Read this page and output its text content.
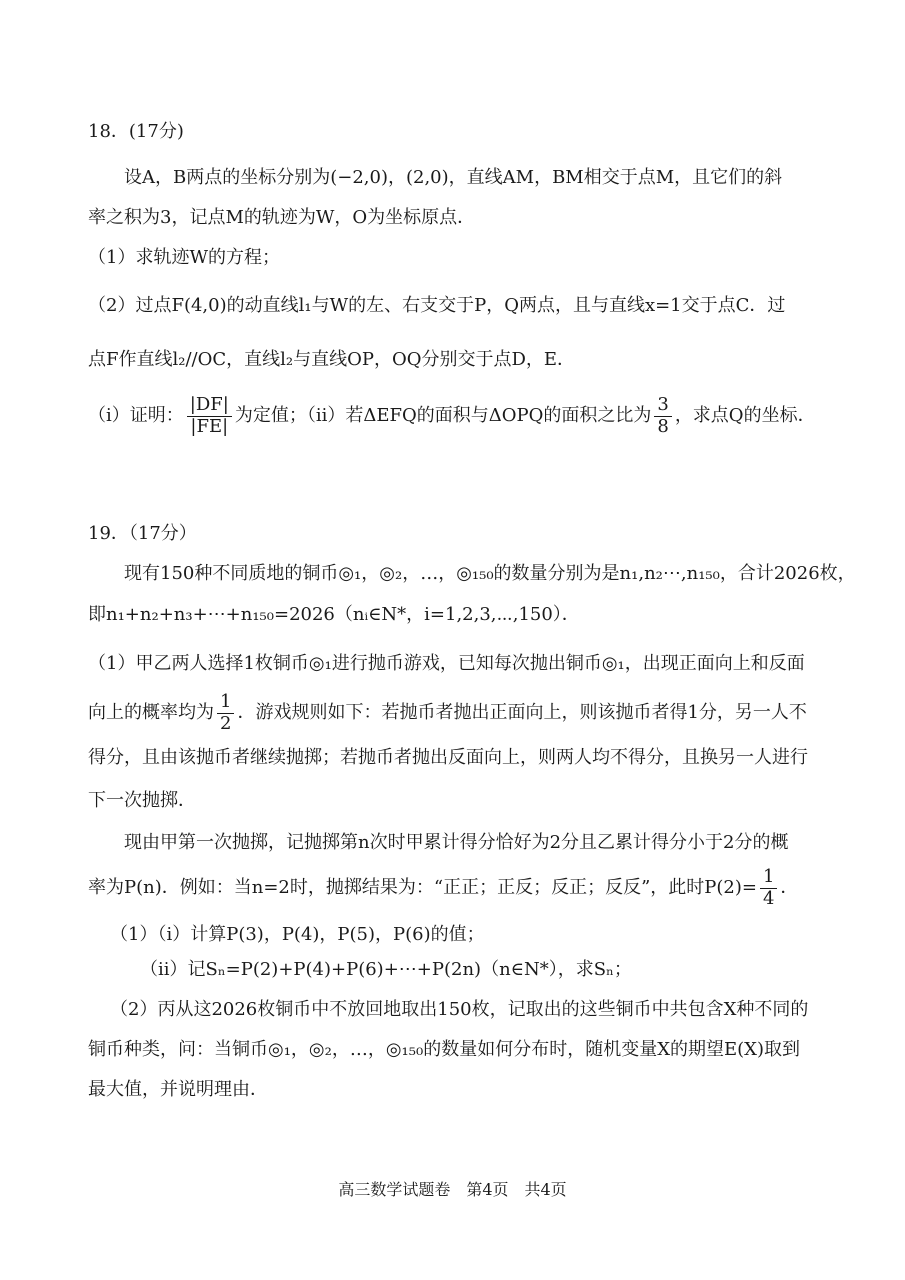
18．(17分)
设A，B两点的坐标分别为(−2,0)，(2,0)，直线AM，BM相交于点M，且它们的斜
率之积为3，记点M的轨迹为W，O为坐标原点．
（1）求轨迹W的方程；
（2）过点F(4,0)的动直线l₁与W的左、右支交于P，Q两点，且与直线x=1交于点C．过
点F作直线l₂//OC，直线l₂与直线OP，OQ分别交于点D，E．
（i）证明： $\frac{|DF|}{|FE|}$ 为定值；（ii）若ΔEFQ的面积与ΔOPQ的面积之比为 $\frac{3}{8}$ ，求点Q的坐标．
19．（17分）
现有150种不同质地的铜币◎₁，◎₂，…，◎₁₅₀的数量分别为是n₁,n₂⋯,n₁₅₀，合计2026枚，
即n₁+n₂+n₃+⋯+n₁₅₀=2026（nᵢ∈N*，i=1,2,3,⋯,150）．
（1）甲乙两人选择1枚铜币◎₁进行抛币游戏，已知每次抛出铜币◎₁，出现正面向上和反面
向上的概率均为 $\frac{1}{2}$ ．游戏规则如下：若抛币者抛出正面向上，则该抛币者得1分，另一人不
得分，且由该抛币者继续抛掷；若抛币者抛出反面向上，则两人均不得分，且换另一人进行
下一次抛掷．
现由甲第一次抛掷，记抛掷第n次时甲累计得分恰好为2分且乙累计得分小于2分的概
率为P(n)．例如：当n=2时，抛掷结果为：“正正；正反；反正；反反”，此时$P(2)= \frac{1}{4}$ ．
（1）（i）计算P(3)，P(4)，P(5)，P(6)的值；
（ii）记Sₙ=P(2)+P(4)+P(6)+⋯+P(2n)（n∈N*），求Sₙ；
（2）丙从这2026枚铜币中不放回地取出150枚，记取出的这些铜币中共包含X种不同的
铜币种类，问：当铜币◎₁，◎₂，…，◎₁₅₀的数量如何分布时，随机变量X的期望E(X)取到
最大值，并说明理由．
高三数学试题卷　第4页　共4页
